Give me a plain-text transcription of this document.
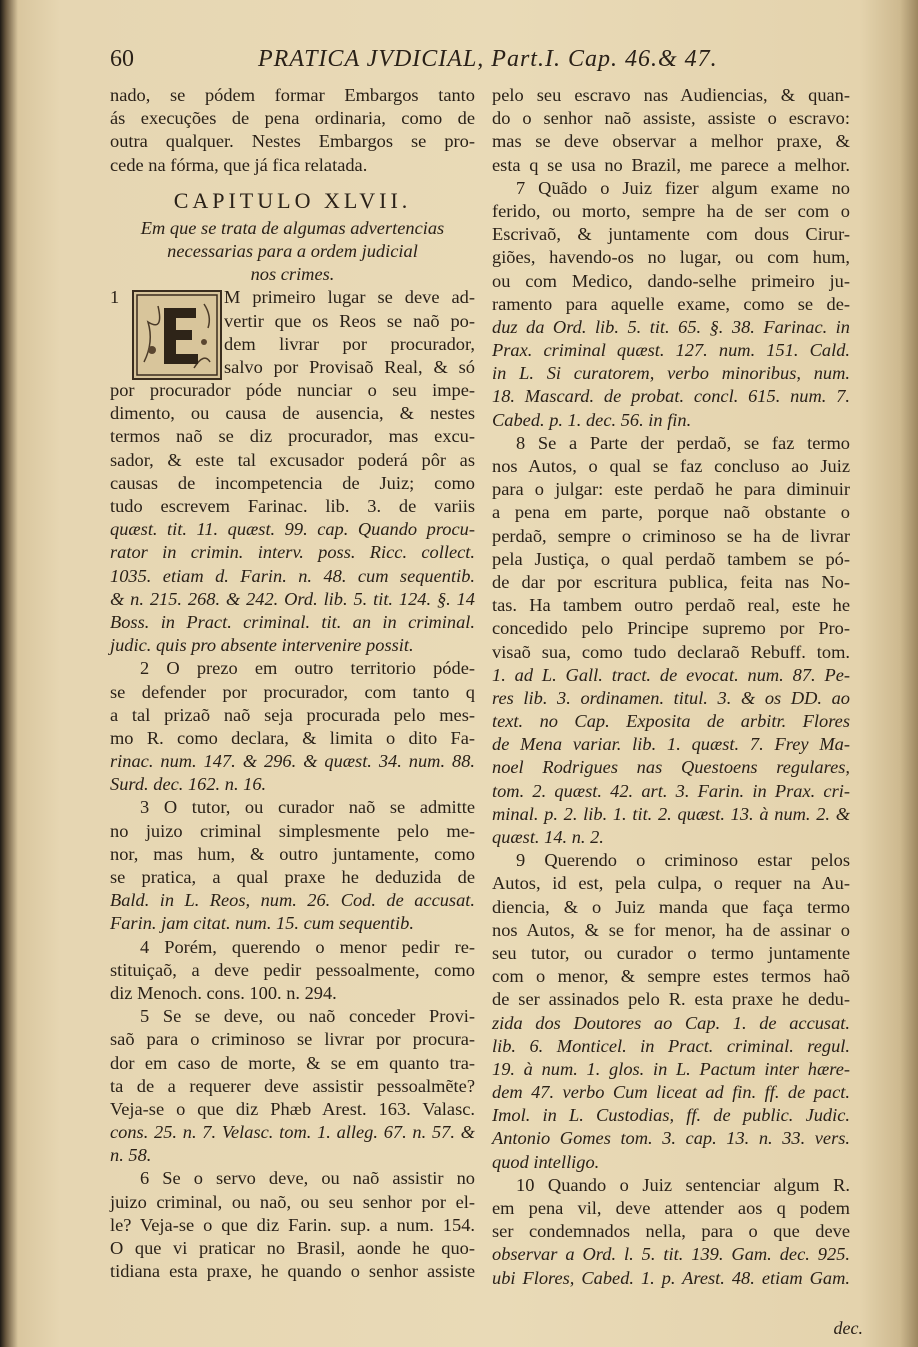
60	PRATICA JVDICIAL, Part.I. Cap. 46.& 47.
nado, se pódem formar Embargos tanto
ás execuções de pena ordinaria, como de
outra qualquer. Nestes Embargos se pro-
cede na fórma, que já fica relatada.
CAPITULO XLVII.
Em que se trata de algumas advertencias
necessarias para a ordem judicial
nos crimes.
1	M primeiro lugar se deve ad-
vertir que os Reos se naõ po-
dem livrar por procurador,
salvo por Provisaõ Real, & só
por procurador póde nunciar o seu impe-
dimento, ou causa de ausencia, & nestes
termos naõ se diz procurador, mas excu-
sador, & este tal excusador poderá pôr as
causas de incompetencia de Juiz; como
tudo escrevem Farinac. lib. 3. de variis
quæst. tit. 11. quæst. 99. cap. Quando procu-
rator in crimin. interv. poss. Ricc. collect.
1035. etiam d. Farin. n. 48. cum sequentib.
& n. 215. 268. & 242. Ord. lib. 5. tit. 124. §. 14
Boss. in Pract. criminal. tit. an in criminal.
judic. quis pro absente intervenire possit.
2 O prezo em outro territorio póde-
se defender por procurador, com tanto q
a tal prizaõ naõ seja procurada pelo mes-
mo R. como declara, & limita o dito Fa-
rinac. num. 147. & 296. & quæst. 34. num. 88.
Surd. dec. 162. n. 16.
3 O tutor, ou curador naõ se admitte
no juizo criminal simplesmente pelo me-
nor, mas hum, & outro juntamente, como
se pratica, a qual praxe he deduzida de
Bald. in L. Reos, num. 26. Cod. de accusat.
Farin. jam citat. num. 15. cum sequentib.
4 Porém, querendo o menor pedir re-
stituiçaõ, a deve pedir pessoalmente, como
diz Menoch. cons. 100. n. 294.
5 Se se deve, ou naõ conceder Provi-
saõ para o criminoso se livrar por procura-
dor em caso de morte, & se em quanto tra-
ta de a requerer deve assistir pessoalmẽte?
Veja-se o que diz Phæb Arest. 163. Valasc.
cons. 25. n. 7. Velasc. tom. 1. alleg. 67. n. 57. &
n. 58.
6 Se o servo deve, ou naõ assistir no
juizo criminal, ou naõ, ou seu senhor por el-
le? Veja-se o que diz Farin. sup. a num. 154.
O que vi praticar no Brasil, aonde he quo-
tidiana esta praxe, he quando o senhor assiste
pelo seu escravo nas Audiencias, & quan-
do o senhor naõ assiste, assiste o escravo:
mas se deve observar a melhor praxe, &
esta q se usa no Brazil, me parece a melhor.
7 Quãdo o Juiz fizer algum exame no
ferido, ou morto, sempre ha de ser com o
Escrivaõ, & juntamente com dous Cirur-
giões, havendo-os no lugar, ou com hum,
ou com Medico, dando-selhe primeiro ju-
ramento para aquelle exame, como se de-
duz da Ord. lib. 5. tit. 65. §. 38. Farinac. in
Prax. criminal quæst. 127. num. 151. Cald.
in L. Si curatorem, verbo minoribus, num.
18. Mascard. de probat. concl. 615. num. 7.
Cabed. p. 1. dec. 56. in fin.
8 Se a Parte der perdaõ, se faz termo
nos Autos, o qual se faz concluso ao Juiz
para o julgar: este perdaõ he para diminuir
a pena em parte, porque naõ obstante o
perdaõ, sempre o criminoso se ha de livrar
pela Justiça, o qual perdaõ tambem se pó-
de dar por escritura publica, feita nas No-
tas. Ha tambem outro perdaõ real, este he
concedido pelo Principe supremo por Pro-
visaõ sua, como tudo declaraõ Rebuff. tom.
1. ad L. Gall. tract. de evocat. num. 87. Pe-
res lib. 3. ordinamen. titul. 3. & os DD. ao
text. no Cap. Exposita de arbitr. Flores
de Mena variar. lib. 1. quæst. 7. Frey Ma-
noel Rodrigues nas Questoens regulares,
tom. 2. quæst. 42. art. 3. Farin. in Prax. cri-
minal. p. 2. lib. 1. tit. 2. quæst. 13. à num. 2. &
quæst. 14. n. 2.
9 Querendo o criminoso estar pelos
Autos, id est, pela culpa, o requer na Au-
diencia, & o Juiz manda que faça termo
nos Autos, & se for menor, ha de assinar o
seu tutor, ou curador o termo juntamente
com o menor, & sempre estes termos haõ
de ser assinados pelo R. esta praxe he dedu-
zida dos Doutores ao Cap. 1. de accusat.
lib. 6. Monticel. in Pract. criminal. regul.
19. à num. 1. glos. in L. Pactum inter hære-
dem 47. verbo Cum liceat ad fin. ff. de pact.
Imol. in L. Custodias, ff. de public. Judic.
Antonio Gomes tom. 3. cap. 13. n. 33. vers.
quod intelligo.
10 Quando o Juiz sentenciar algum R.
em pena vil, deve attender aos q podem
ser condemnados nella, para o que deve
observar a Ord. l. 5. tit. 139. Gam. dec. 925.
ubi Flores, Cabed. 1. p. Arest. 48. etiam Gam.
dec.
